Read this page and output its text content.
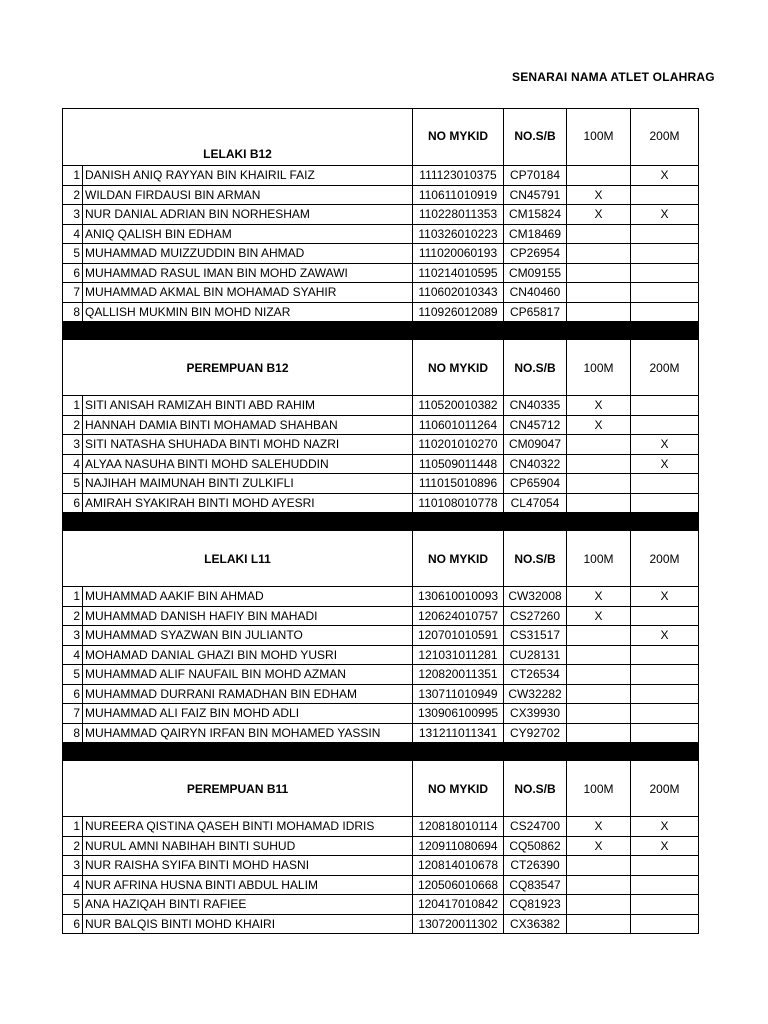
SENARAI NAMA ATLET OLAHRAG
LELAKI B12		NO MYKID	NO.S/B	100M	200M
1	DANISH ANIQ RAYYAN BIN KHAIRIL FAIZ	111123010375	CP70184		X
2	WILDAN FIRDAUSI BIN ARMAN	110611010919	CN45791	X	
3	NUR DANIAL ADRIAN BIN NORHESHAM	110228011353	CM15824	X	X
4	ANIQ QALISH BIN EDHAM	110326010223	CM18469		
5	MUHAMMAD MUIZZUDDIN BIN AHMAD	111020060193	CP26954		
6	MUHAMMAD RASUL IMAN BIN MOHD ZAWAWI	110214010595	CM09155		
7	MUHAMMAD AKMAL BIN MOHAMAD SYAHIR	110602010343	CN40460		
8	QALLISH MUKMIN BIN MOHD NIZAR	110926012089	CP65817		

PEREMPUAN B12		NO MYKID	NO.S/B	100M	200M
1	SITI ANISAH RAMIZAH BINTI ABD RAHIM	110520010382	CN40335	X	
2	HANNAH DAMIA BINTI MOHAMAD SHAHBAN	110601011264	CN45712	X	
3	SITI NATASHA SHUHADA BINTI MOHD NAZRI	110201010270	CM09047		X
4	ALYAA NASUHA BINTI MOHD SALEHUDDIN	110509011448	CN40322		X
5	NAJIHAH MAIMUNAH BINTI ZULKIFLI	111015010896	CP65904		
6	AMIRAH SYAKIRAH BINTI MOHD AYESRI	110108010778	CL47054		

LELAKI L11		NO MYKID	NO.S/B	100M	200M
1	MUHAMMAD AAKIF BIN AHMAD	130610010093	CW32008	X	X
2	MUHAMMAD DANISH HAFIY BIN MAHADI	120624010757	CS27260	X	
3	MUHAMMAD SYAZWAN BIN JULIANTO	120701010591	CS31517		X
4	MOHAMAD DANIAL GHAZI BIN MOHD YUSRI	121031011281	CU28131		
5	MUHAMMAD ALIF NAUFAIL BIN MOHD AZMAN	120820011351	CT26534		
6	MUHAMMAD DURRANI RAMADHAN BIN EDHAM	130711010949	CW32282		
7	MUHAMMAD ALI FAIZ BIN MOHD ADLI	130906100995	CX39930		
8	MUHAMMAD QAIRYN IRFAN BIN MOHAMED YASSIN	131211011341	CY92702		

PEREMPUAN B11		NO MYKID	NO.S/B	100M	200M
1	NUREERA QISTINA QASEH BINTI MOHAMAD IDRIS	120818010114	CS24700	X	X
2	NURUL AMNI NABIHAH BINTI SUHUD	120911080694	CQ50862	X	X
3	NUR RAISHA SYIFA BINTI MOHD HASNI	120814010678	CT26390		
4	NUR AFRINA HUSNA BINTI ABDUL HALIM	120506010668	CQ83547		
5	ANA HAZIQAH BINTI RAFIEE	120417010842	CQ81923		
6	NUR BALQIS BINTI MOHD KHAIRI	130720011302	CX36382		
